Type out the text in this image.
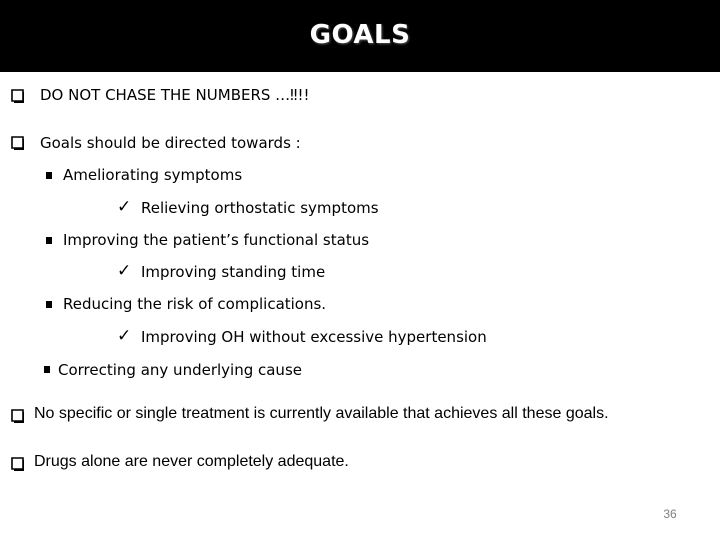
GOALS
DO NOT CHASE THE NUMBERS …‼!!
Goals should be directed towards :
Ameliorating symptoms
✓ Relieving orthostatic symptoms
Improving the patient’s functional status
✓ Improving standing time
Reducing the risk of complications.
✓ Improving OH without excessive hypertension
Correcting any underlying cause
No specific or single treatment is currently available that achieves all these goals.
Drugs alone are never completely adequate.
36
